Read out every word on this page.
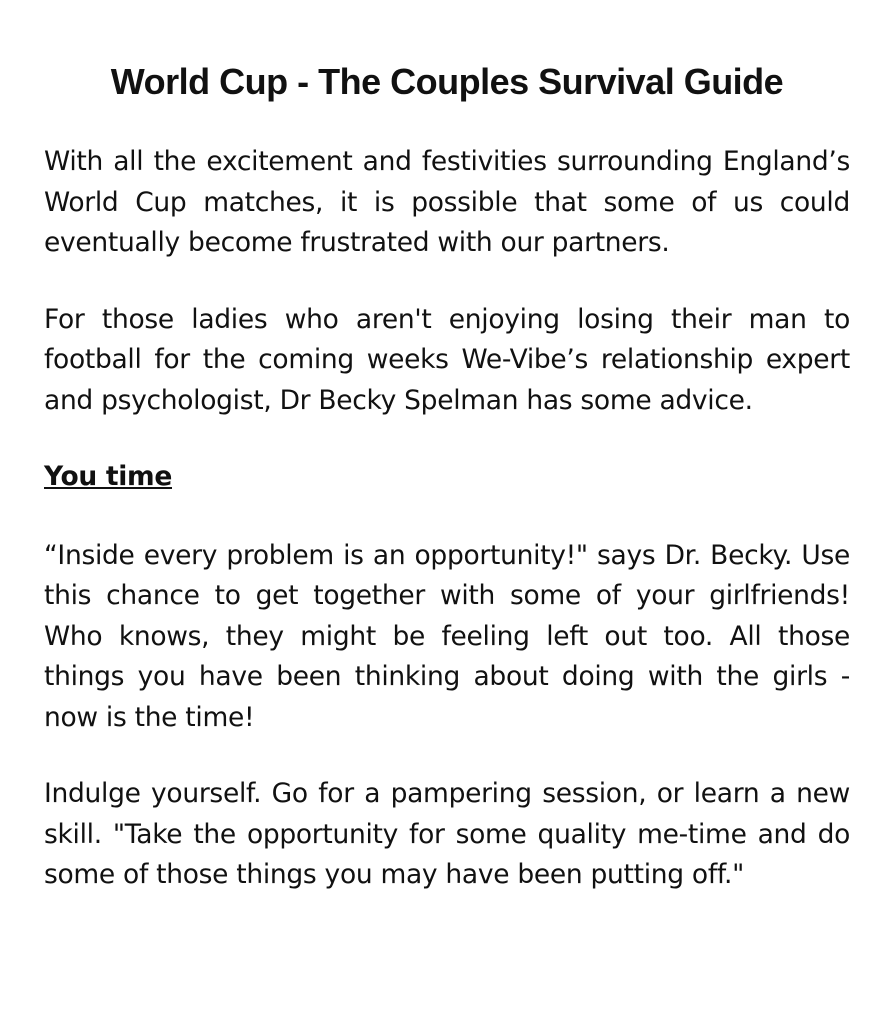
World Cup - The Couples Survival Guide

With all the excitement and festivities surrounding England’s World Cup matches, it is possible that some of us could eventually become frustrated with our partners.

For those ladies who aren't enjoying losing their man to football for the coming weeks We-Vibe’s relationship expert and psychologist, Dr Becky Spelman has some advice.

You time

“Inside every problem is an opportunity!" says Dr. Becky. Use this chance to get together with some of your girlfriends! Who knows, they might be feeling left out too. All those things you have been thinking about doing with the girls - now is the time!

Indulge yourself. Go for a pampering session, or learn a new skill. "Take the opportunity for some quality me-time and do some of those things you may have been putting off."
